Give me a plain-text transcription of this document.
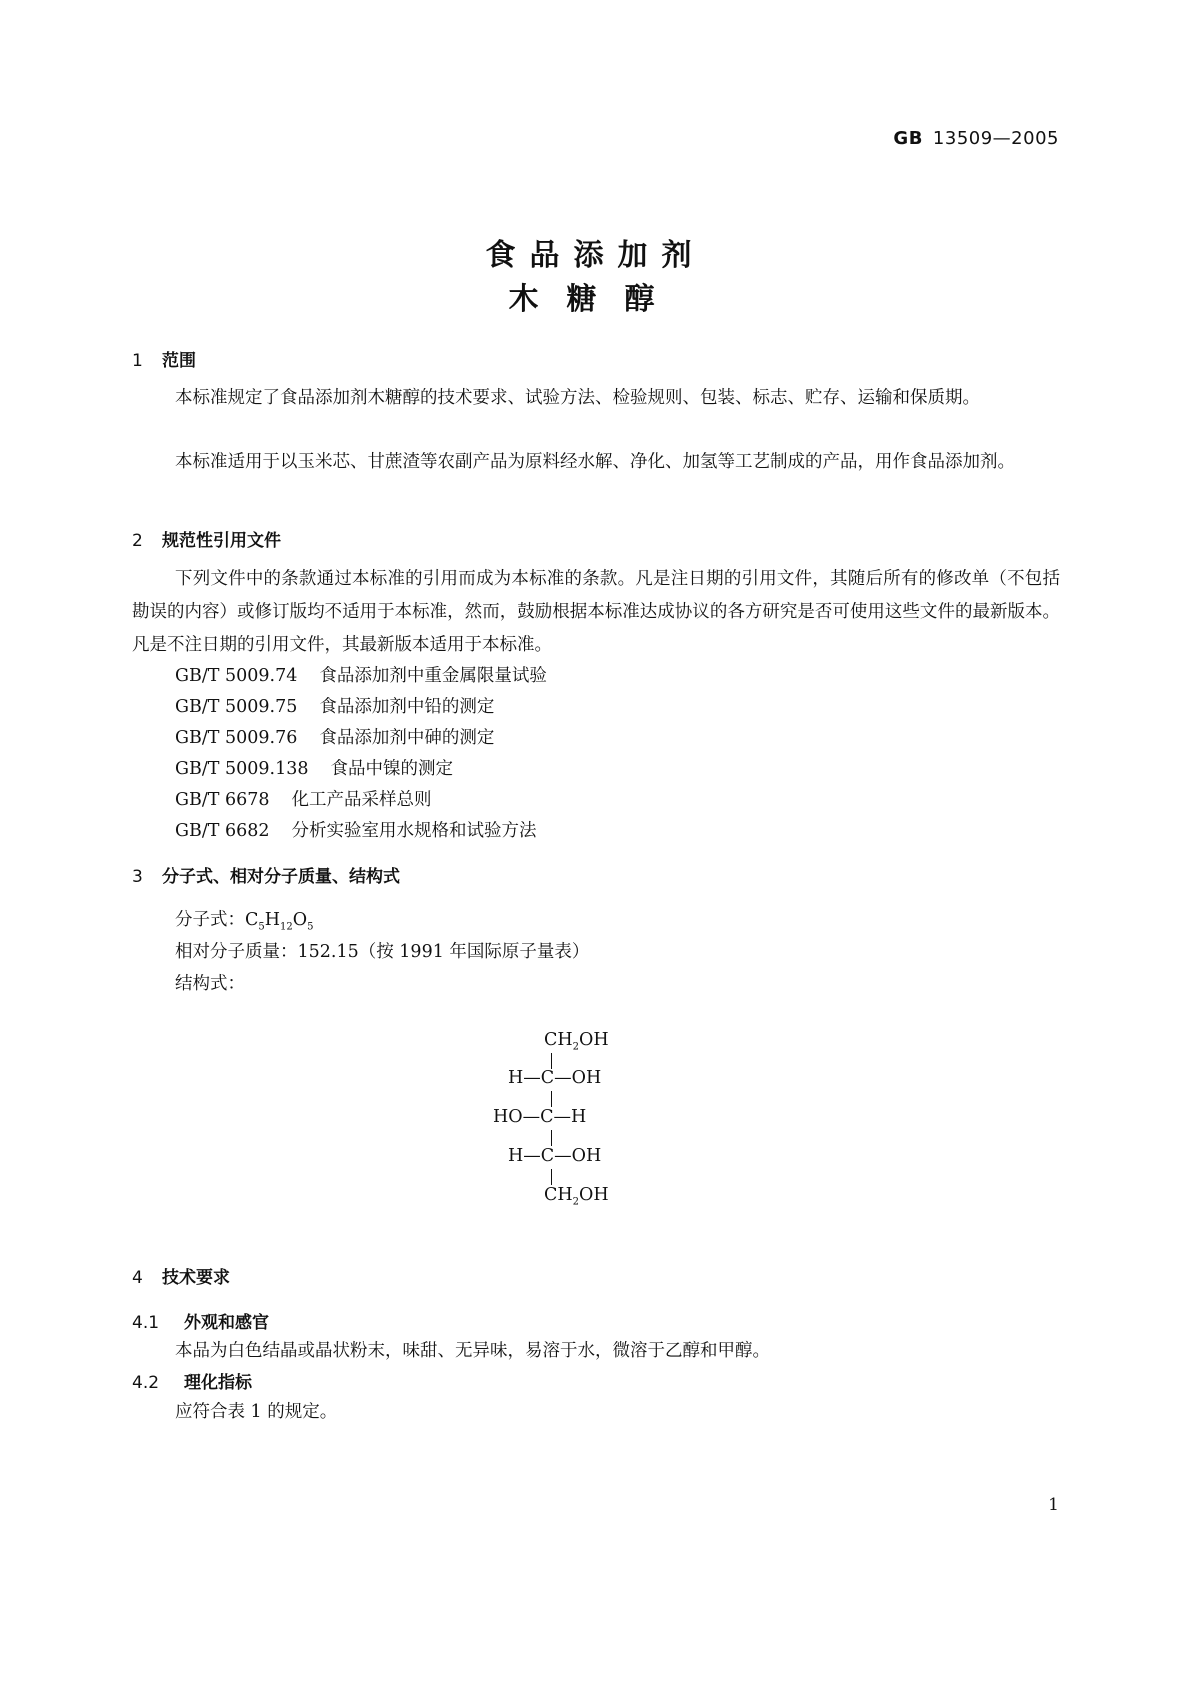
GB 13509—2005
食品添加剂
木糖醇
1 范围
本标准规定了食品添加剂木糖醇的技术要求、试验方法、检验规则、包装、标志、贮存、运输和保质期。
本标准适用于以玉米芯、甘蔗渣等农副产品为原料经水解、净化、加氢等工艺制成的产品，用作食品添加剂。
2 规范性引用文件
下列文件中的条款通过本标准的引用而成为本标准的条款。凡是注日期的引用文件，其随后所有的修改单（不包括勘误的内容）或修订版均不适用于本标准，然而，鼓励根据本标准达成协议的各方研究是否可使用这些文件的最新版本。凡是不注日期的引用文件，其最新版本适用于本标准。
GB/T 5009.74 食品添加剂中重金属限量试验
GB/T 5009.75 食品添加剂中铅的测定
GB/T 5009.76 食品添加剂中砷的测定
GB/T 5009.138 食品中镍的测定
GB/T 6678 化工产品采样总则
GB/T 6682 分析实验室用水规格和试验方法
3 分子式、相对分子质量、结构式
分子式：$C_5H_{12}O_5$
相对分子质量：152.15（按 1991 年国际原子量表）
结构式：
$CH_2OH$
H—C—OH
HO—C—H
H—C—OH
$CH_2OH$
4 技术要求
4.1 外观和感官
本品为白色结晶或晶状粉末，味甜、无异味，易溶于水，微溶于乙醇和甲醇。
4.2 理化指标
应符合表 1 的规定。
1
